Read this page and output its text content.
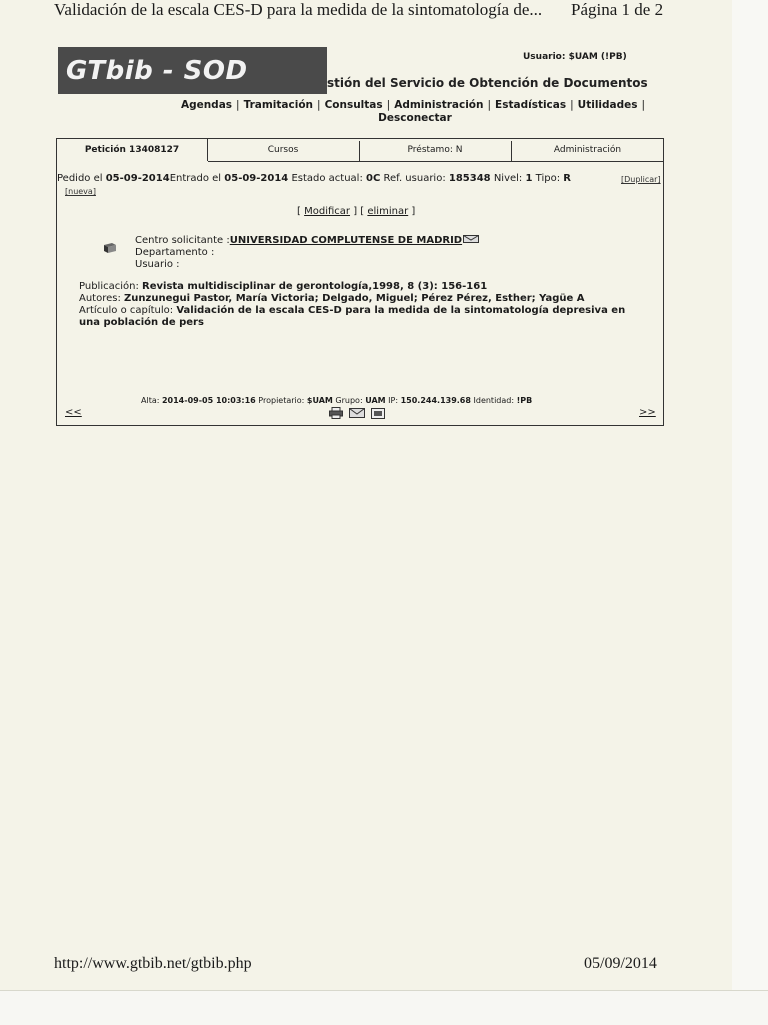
Validación de la escala CES-D para la medida de la sintomatología de...	Página 1 de 2
GTbib - SOD	Usuario: $UAM (!PB)
stión del Servicio de Obtención de Documentos
Agendas | Tramitación | Consultas | Administración | Estadísticas | Utilidades |
Desconectar
Petición 13408127	Cursos	Préstamo: N	Administración
Pedido el 05-09-2014Entrado el 05-09-2014 Estado actual: 0C Ref. usuario: 185348 Nivel: 1 Tipo: R	[Duplicar]
[nueva]
[ Modificar ] [ eliminar ]
Centro solicitante :UNIVERSIDAD COMPLUTENSE DE MADRID
Departamento :
Usuario :
Publicación: Revista multidisciplinar de gerontología,1998, 8 (3): 156-161
Autores: Zunzunegui Pastor, María Victoria; Delgado, Miguel; Pérez Pérez, Esther; Yagüe A
Artículo o capítulo: Validación de la escala CES-D para la medida de la sintomatología depresiva en una población de pers
Alta: 2014-09-05 10:03:16 Propietario: $UAM Grupo: UAM IP: 150.244.139.68 Identidad: !PB
<<	>>
http://www.gtbib.net/gtbib.php	05/09/2014
